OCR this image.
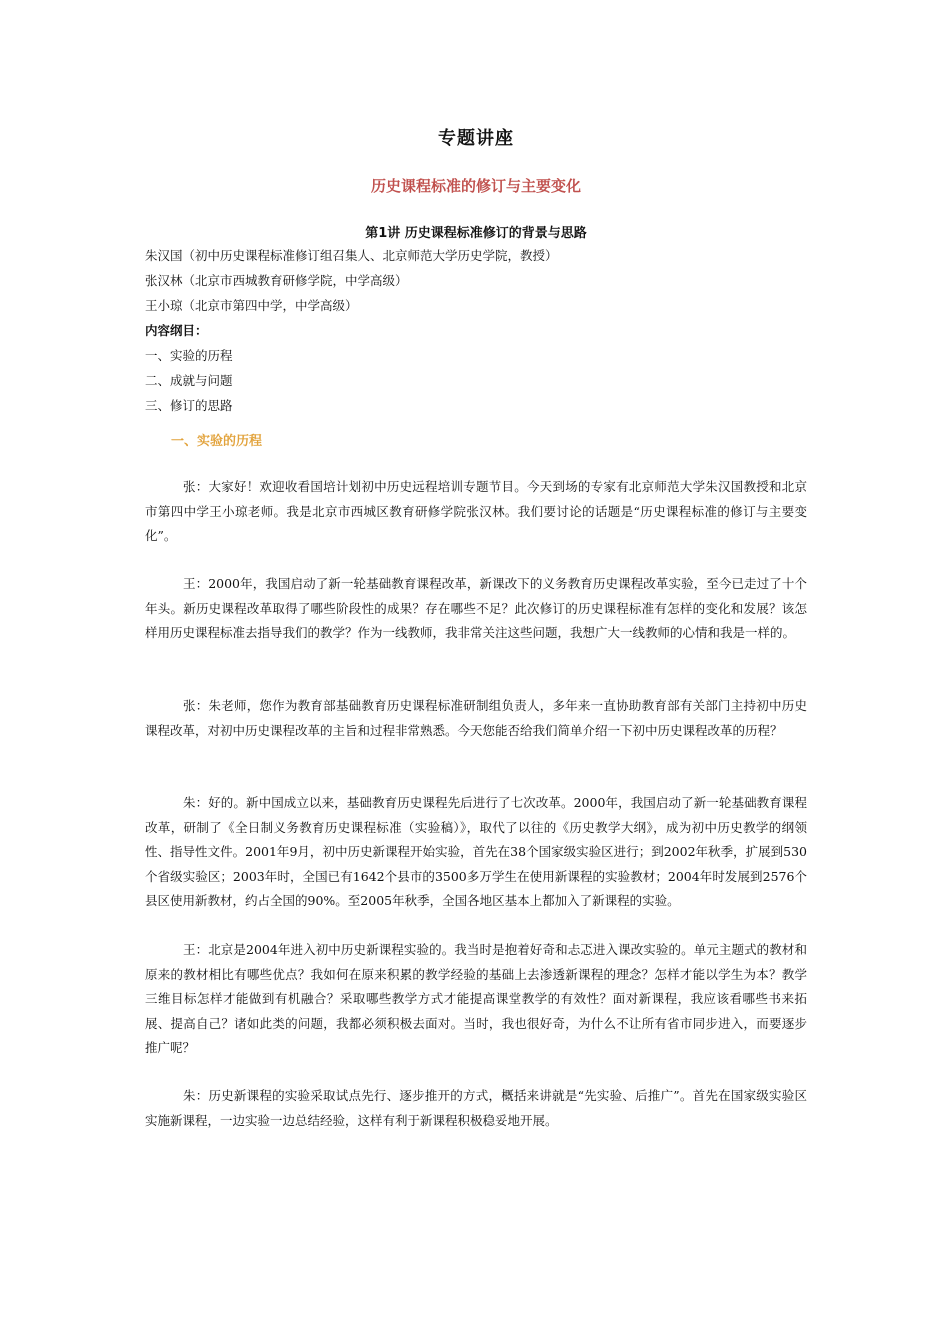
专题讲座
历史课程标准的修订与主要变化
第1讲 历史课程标准修订的背景与思路
朱汉国（初中历史课程标准修订组召集人、北京师范大学历史学院，教授）
张汉林（北京市西城教育研修学院，中学高级）
王小琼（北京市第四中学，中学高级）
内容纲目：
一、实验的历程
二、成就与问题
三、修订的思路
一、实验的历程
张：大家好！欢迎收看国培计划初中历史远程培训专题节目。今天到场的专家有北京师范大学朱汉国教授和北京市第四中学王小琼老师。我是北京市西城区教育研修学院张汉林。我们要讨论的话题是“历史课程标准的修订与主要变化”。
王：2000年，我国启动了新一轮基础教育课程改革，新课改下的义务教育历史课程改革实验，至今已走过了十个年头。新历史课程改革取得了哪些阶段性的成果？存在哪些不足？此次修订的历史课程标准有怎样的变化和发展？该怎样用历史课程标准去指导我们的教学？作为一线教师，我非常关注这些问题，我想广大一线教师的心情和我是一样的。
张：朱老师，您作为教育部基础教育历史课程标准研制组负责人，多年来一直协助教育部有关部门主持初中历史课程改革，对初中历史课程改革的主旨和过程非常熟悉。今天您能否给我们简单介绍一下初中历史课程改革的历程？
朱：好的。新中国成立以来，基础教育历史课程先后进行了七次改革。2000年，我国启动了新一轮基础教育课程改革，研制了《全日制义务教育历史课程标准（实验稿）》，取代了以往的《历史教学大纲》，成为初中历史教学的纲领性、指导性文件。2001年9月，初中历史新课程开始实验，首先在38个国家级实验区进行；到2002年秋季，扩展到530个省级实验区；2003年时，全国已有1642个县市的3500多万学生在使用新课程的实验教材；2004年时发展到2576个县区使用新教材，约占全国的90%。至2005年秋季，全国各地区基本上都加入了新课程的实验。
王：北京是2004年进入初中历史新课程实验的。我当时是抱着好奇和忐忑进入课改实验的。单元主题式的教材和原来的教材相比有哪些优点？我如何在原来积累的教学经验的基础上去渗透新课程的理念？怎样才能以学生为本？教学三维目标怎样才能做到有机融合？采取哪些教学方式才能提高课堂教学的有效性？面对新课程，我应该看哪些书来拓展、提高自己？诸如此类的问题，我都必须积极去面对。当时，我也很好奇，为什么不让所有省市同步进入，而要逐步推广呢？
朱：历史新课程的实验采取试点先行、逐步推开的方式，概括来讲就是“先实验、后推广”。首先在国家级实验区实施新课程，一边实验一边总结经验，这样有利于新课程积极稳妥地开展。
